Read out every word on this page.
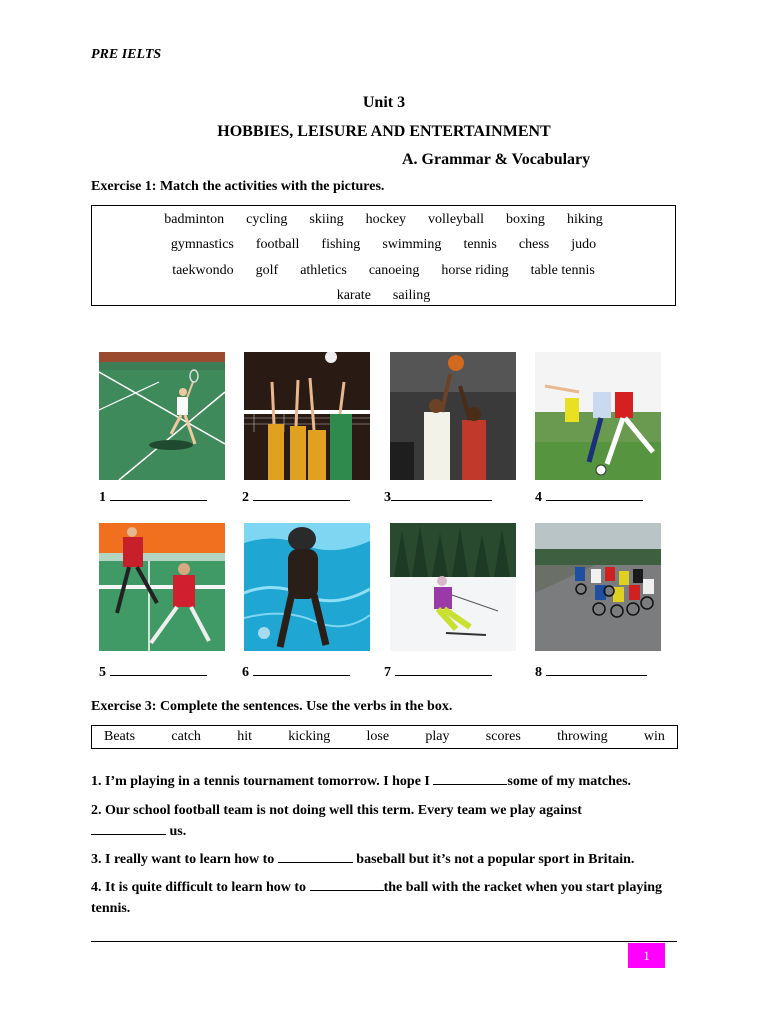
PRE IELTS
Unit 3
HOBBIES, LEISURE AND ENTERTAINMENT
A. Grammar & Vocabulary
Exercise 1: Match the activities with the pictures.
badminton cycling skiing hockey volleyball boxing hiking
gymnastics football fishing swimming tennis chess judo
taekwondo golf athletics canoeing horse riding table tennis
karate sailing
1	2	3	4
5	6	7	8
Exercise 3: Complete the sentences. Use the verbs in the box.
Beats	catch	hit	kicking	lose	play	scores	throwing	win
1. I’m playing in a tennis tournament tomorrow. I hope I	some of my matches.
2. Our school football team is not doing well this term. Every team we play against
us.
3. I really want to learn how to	baseball but it’s not a popular sport in Britain.
4. It is quite difficult to learn how to	the ball with the racket when you start playing tennis.
1
